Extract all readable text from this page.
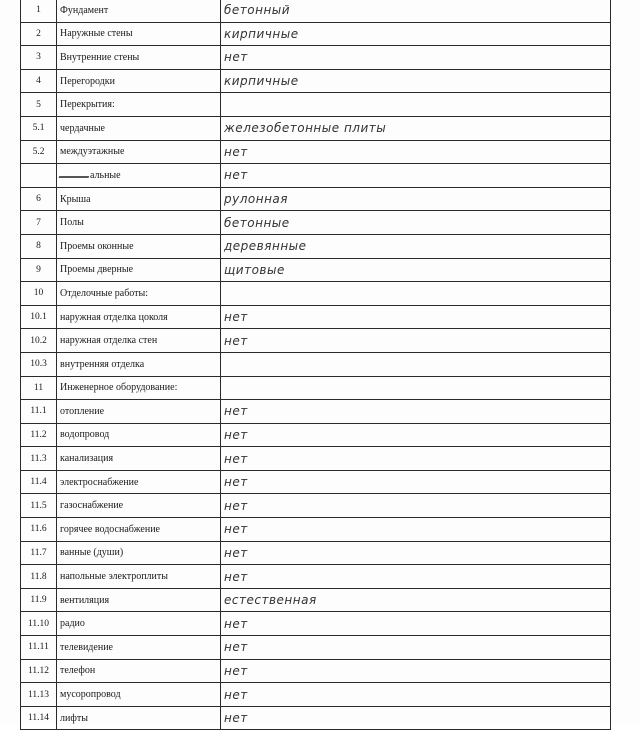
1	Фундамент	бетонный
2	Наружные стены	кирпичные
3	Внутренние стены	нет
4	Перегородки	кирпичные
5	Перекрытия:	
5.1	чердачные	железобетонные плиты
5.2	междуэтажные	нет
	альные	нет
6	Крыша	рулонная
7	Полы	бетонные
8	Проемы оконные	деревянные
9	Проемы дверные	щитовые
10	Отделочные работы:	
10.1	наружная отделка цоколя	нет
10.2	наружная отделка стен	нет
10.3	внутренняя отделка	
11	Инженерное оборудование:	
11.1	отопление	нет
11.2	водопровод	нет
11.3	канализация	нет
11.4	электроснабжение	нет
11.5	газоснабжение	нет
11.6	горячее водоснабжение	нет
11.7	ванные (души)	нет
11.8	напольные электроплиты	нет
11.9	вентиляция	естественная
11.10	радио	нет
11.11	телевидение	нет
11.12	телефон	нет
11.13	мусоропровод	нет
11.14	лифты	нет
